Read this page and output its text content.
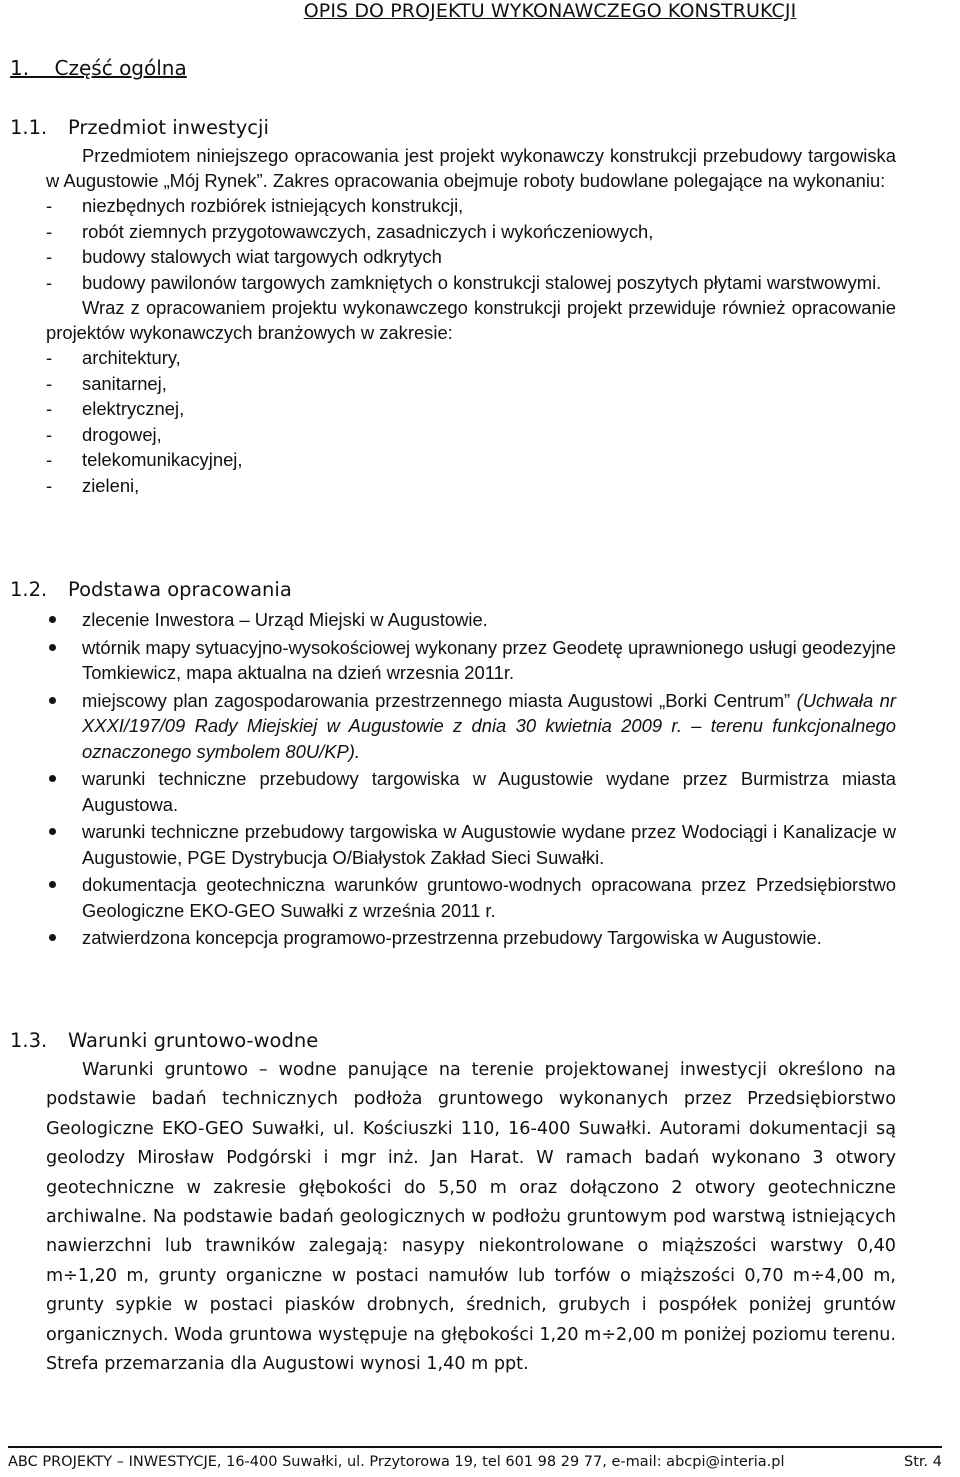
OPIS DO PROJEKTU WYKONAWCZEGO KONSTRUKCJI
1. Część ogólna
1.1. Przedmiot inwestycji

Przedmiotem niniejszego opracowania jest projekt wykonawczy konstrukcji przebudowy targowiska w Augustowie „Mój Rynek”. Zakres opracowania obejmuje roboty budowlane polegające na wykonaniu:

- niezbędnych rozbiórek istniejących konstrukcji,
- robót ziemnych przygotowawczych, zasadniczych i wykończeniowych,
- budowy stalowych wiat targowych odkrytych
- budowy pawilonów targowych zamkniętych o konstrukcji stalowej poszytych płytami warstwowymi.

Wraz z opracowaniem projektu wykonawczego konstrukcji projekt przewiduje również opracowanie projektów wykonawczych branżowych w zakresie:

- architektury,
- sanitarnej,
- elektrycznej,
- drogowej,
- telekomunikacyjnej,
- zieleni,
1.2. Podstawa opracowania
zlecenie Inwestora – Urząd Miejski w Augustowie.
wtórnik mapy sytuacyjno-wysokościowej wykonany przez Geodetę uprawnionego usługi geodezyjne Tomkiewicz, mapa aktualna na dzień wrzesnia 2011r.
miejscowy plan zagospodarowania przestrzennego miasta Augustowi „Borki Centrum” (Uchwała nr XXXI/197/09 Rady Miejskiej w Augustowie z dnia 30 kwietnia 2009 r. – terenu funkcjonalnego oznaczonego symbolem 80U/KP).
warunki techniczne przebudowy targowiska w Augustowie wydane przez Burmistrza miasta Augustowa.
warunki techniczne przebudowy targowiska w Augustowie wydane przez Wodociągi i Kanalizacje w Augustowie, PGE Dystrybucja O/Białystok Zakład Sieci Suwałki.
dokumentacja geotechniczna warunków gruntowo-wodnych opracowana przez Przedsiębiorstwo Geologiczne EKO-GEO Suwałki z września 2011 r.
zatwierdzona koncepcja programowo-przestrzenna przebudowy Targowiska w Augustowie.
1.3. Warunki gruntowo-wodne

Warunki gruntowo – wodne panujące na terenie projektowanej inwestycji określono na podstawie badań technicznych podłoża gruntowego wykonanych przez Przedsiębiorstwo Geologiczne EKO-GEO Suwałki, ul. Kościuszki 110, 16-400 Suwałki. Autorami dokumentacji są geolodzy Mirosław Podgórski i mgr inż. Jan Harat. W ramach badań wykonano 3 otwory geotechniczne w zakresie głębokości do 5,50 m oraz dołączono 2 otwory geotechniczne archiwalne. Na podstawie badań geologicznych w podłożu gruntowym pod warstwą istniejących nawierzchni lub trawników zalegają: nasypy niekontrolowane o miąższości warstwy 0,40 m÷1,20 m, grunty organiczne w postaci namułów lub torfów o miąższości 0,70 m÷4,00 m, grunty sypkie w postaci piasków drobnych, średnich, grubych i pospółek poniżej gruntów organicznych. Woda gruntowa występuje na głębokości 1,20 m÷2,00 m poniżej poziomu terenu. Strefa przemarzania dla Augustowi wynosi 1,40 m ppt.

ABC PROJEKTY – INWESTYCJE, 16-400 Suwałki, ul. Przytorowa 19, tel 601 98 29 77, e-mail: abcpi@interia.pl	Str. 4
